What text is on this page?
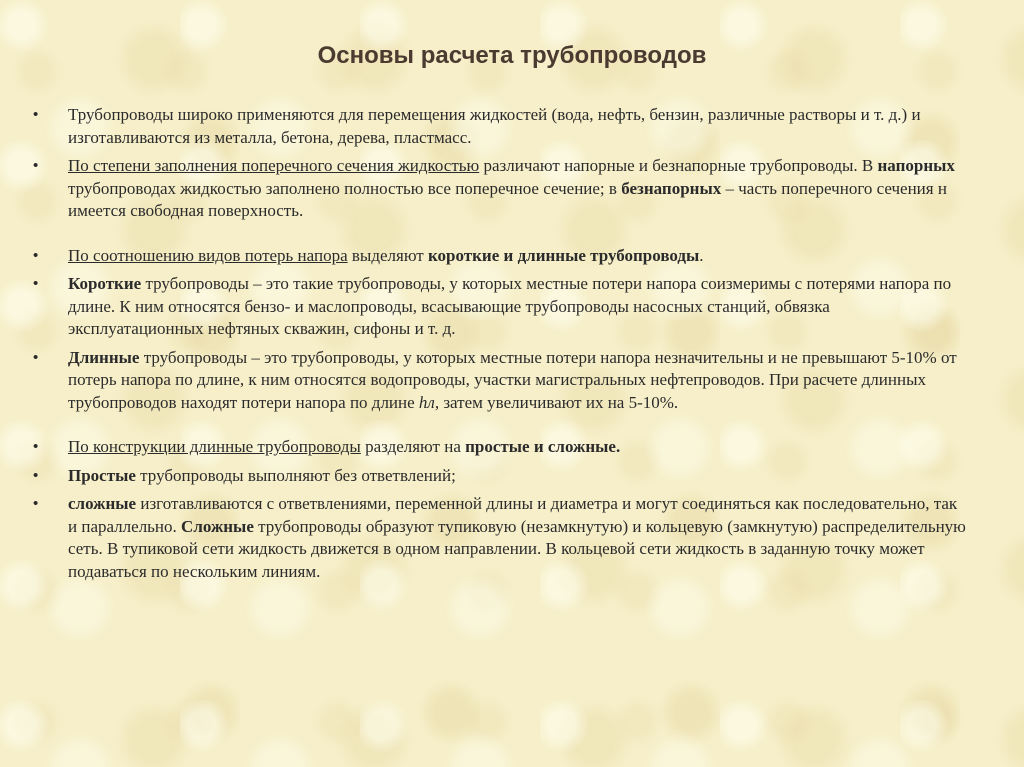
Основы расчета трубопроводов
• Трубопроводы широко применяются для перемещения жидкостей (вода, нефть, бензин, различные растворы и т. д.) и изготавливаются из металла, бетона, дерева, пластмасс.
• По степени заполнения поперечного сечения жидкостью различают напорные и безнапорные трубопроводы. В напорных трубопроводах жидкостью заполнено полностью все поперечное сечение; в безнапорных – часть поперечного сечения н имеется свободная поверхность.
• По соотношению видов потерь напора выделяют короткие и длинные трубопроводы.
• Короткие трубопроводы – это такие трубопроводы, у которых местные потери напора соизмеримы с потерями напора по длине. К ним относятся бензо- и маслопроводы, всасывающие трубопроводы насосных станций, обвязка эксплуатационных нефтяных скважин, сифоны и т. д.
• Длинные трубопроводы – это трубопроводы, у которых местные потери напора незначительны и не превышают 5-10% от потерь напора по длине, к ним относятся водопроводы, участки магистральных нефтепроводов. При расчете длинных трубопроводов находят потери напора по длине hл, затем увеличивают их на 5-10%.
• По конструкции длинные трубопроводы разделяют на простые и сложные.
• Простые трубопроводы выполняют без ответвлений;
• сложные изготавливаются с ответвлениями, переменной длины и диаметра и могут соединяться как последовательно, так и параллельно. Сложные трубопроводы образуют тупиковую (незамкнутую) и кольцевую (замкнутую) распределительную сеть. В тупиковой сети жидкость движется в одном направлении. В кольцевой сети жидкость в заданную точку может подаваться по нескольким линиям.
